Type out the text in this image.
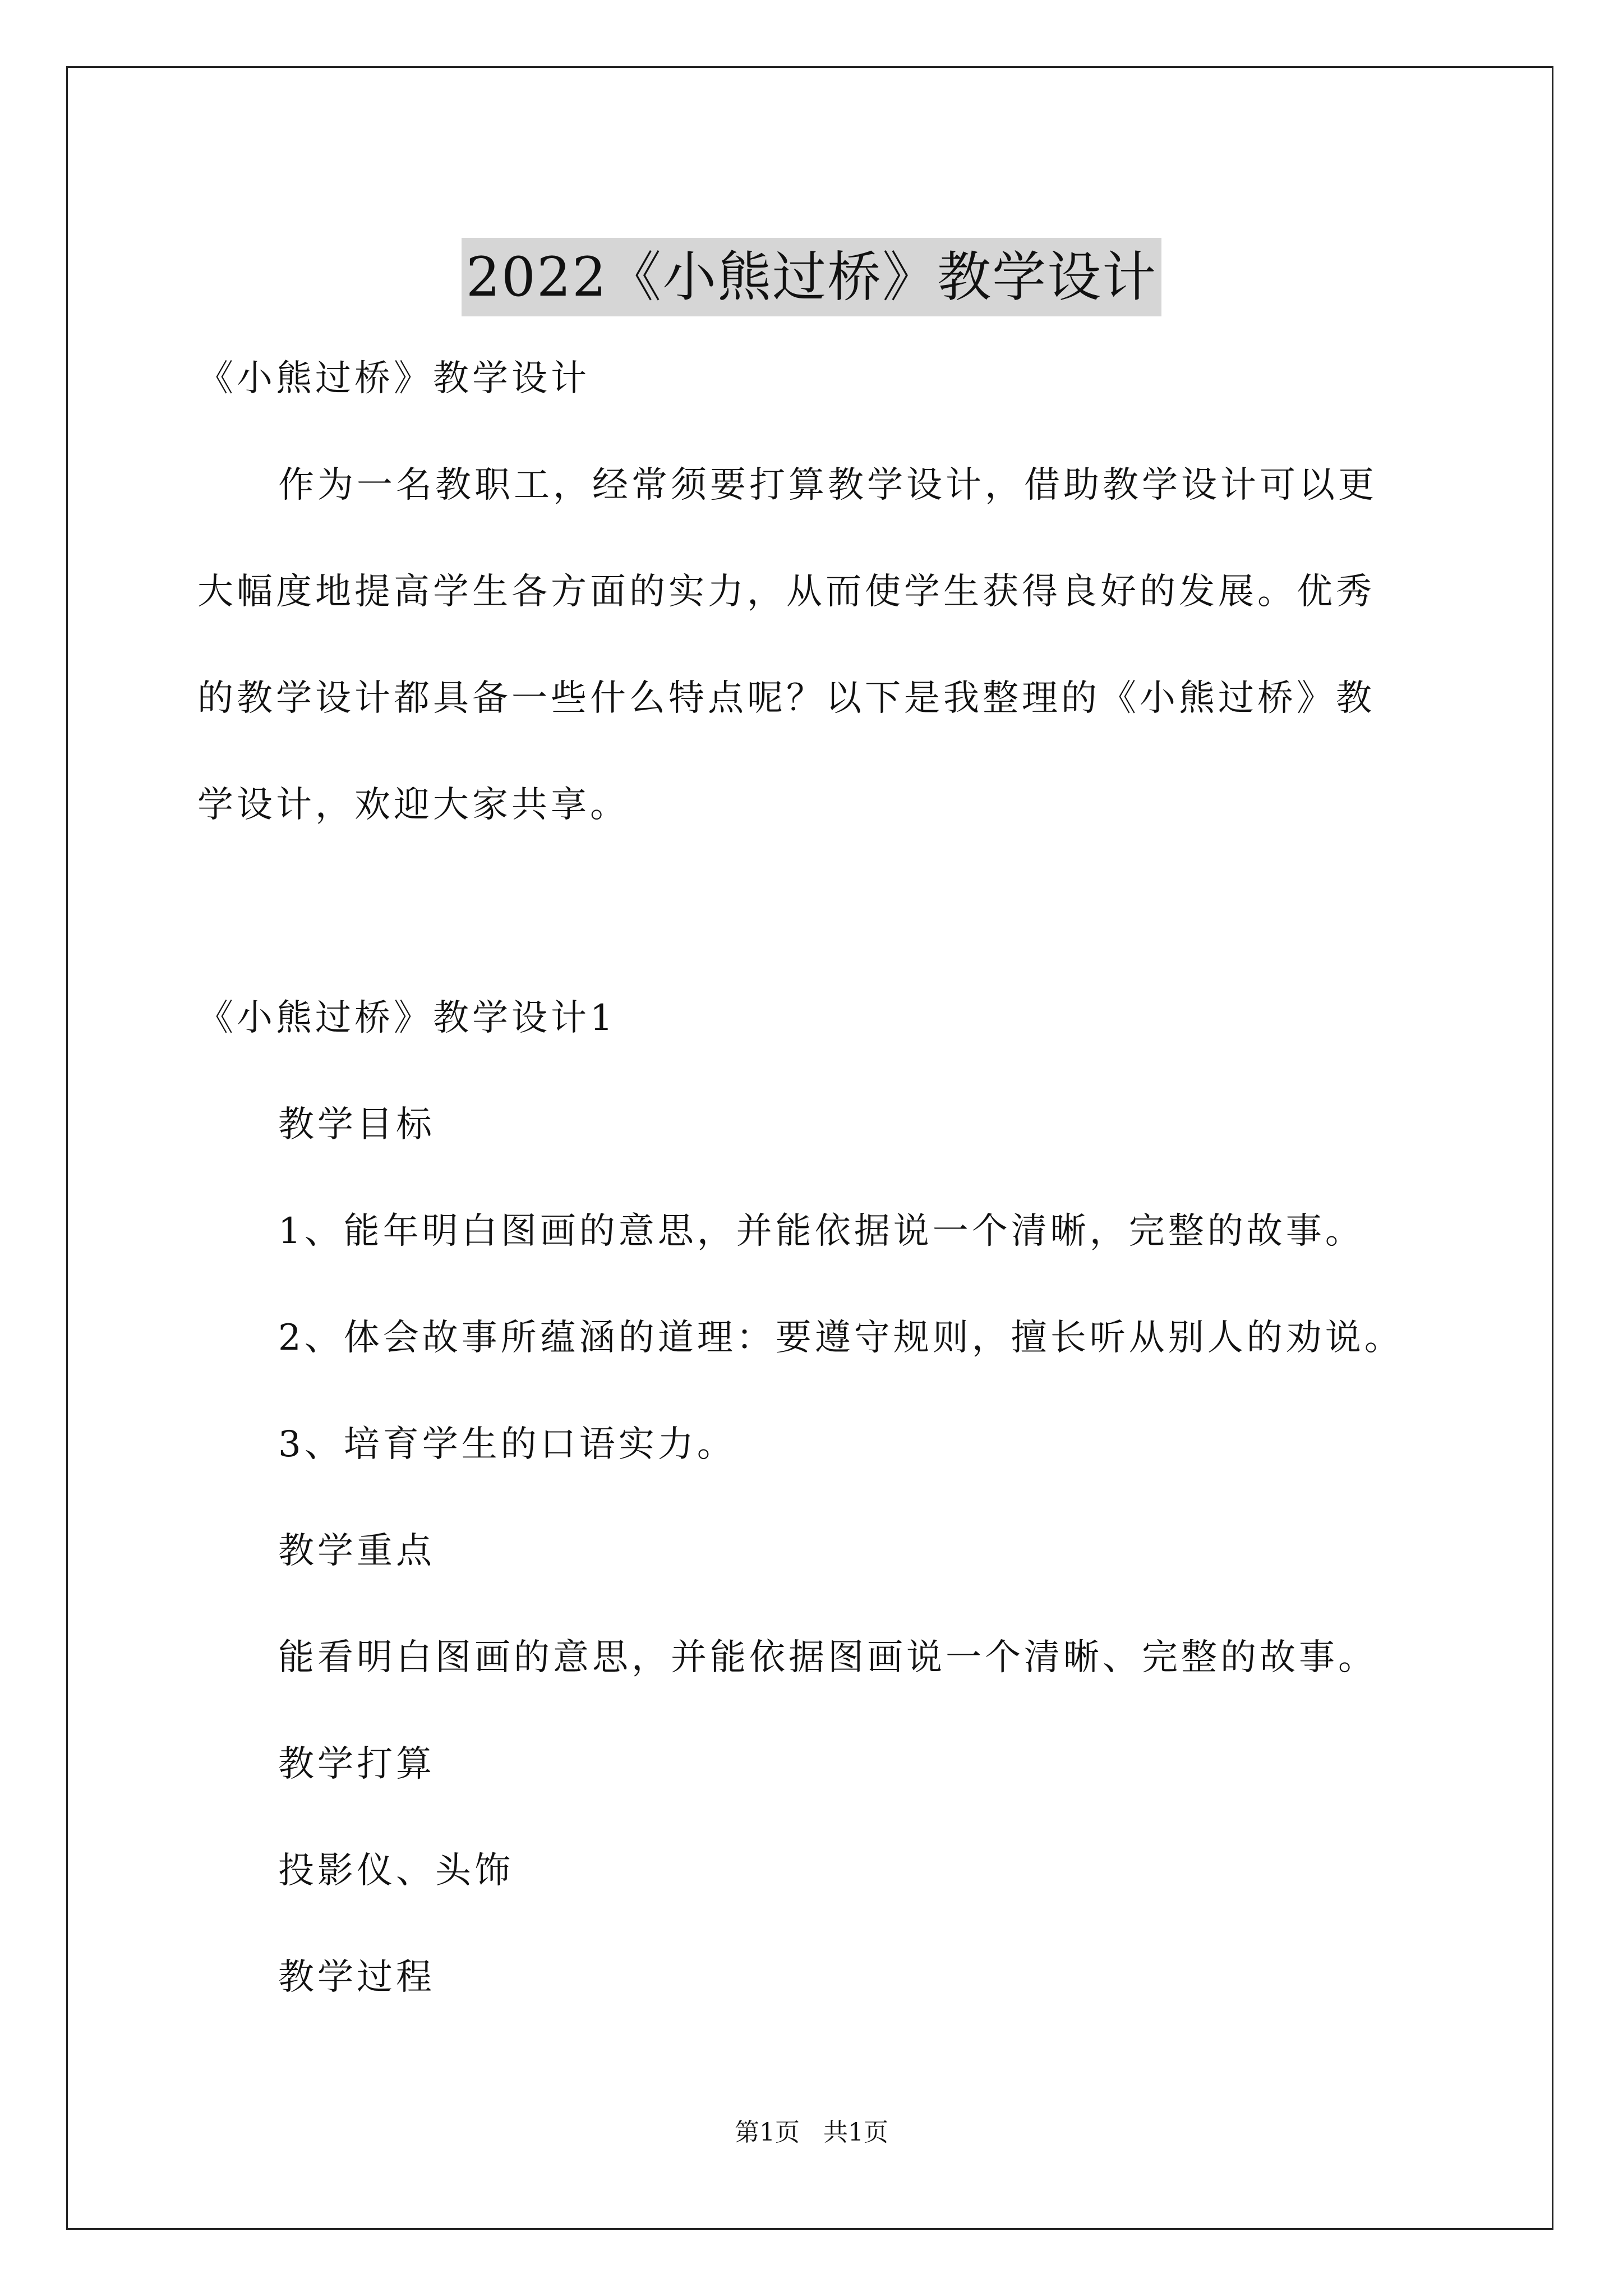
2022《小熊过桥》教学设计
《小熊过桥》教学设计
作为一名教职工，经常须要打算教学设计，借助教学设计可以更
大幅度地提高学生各方面的实力，从而使学生获得良好的发展。优秀
的教学设计都具备一些什么特点呢？以下是我整理的《小熊过桥》教
学设计，欢迎大家共享。
《小熊过桥》教学设计1
教学目标
1、能年明白图画的意思，并能依据说一个清晰，完整的故事。
2、体会故事所蕴涵的道理：要遵守规则，擅长听从别人的劝说。
3、培育学生的口语实力。
教学重点
能看明白图画的意思，并能依据图画说一个清晰、完整的故事。
教学打算
投影仪、头饰
教学过程
第1页 共1页
